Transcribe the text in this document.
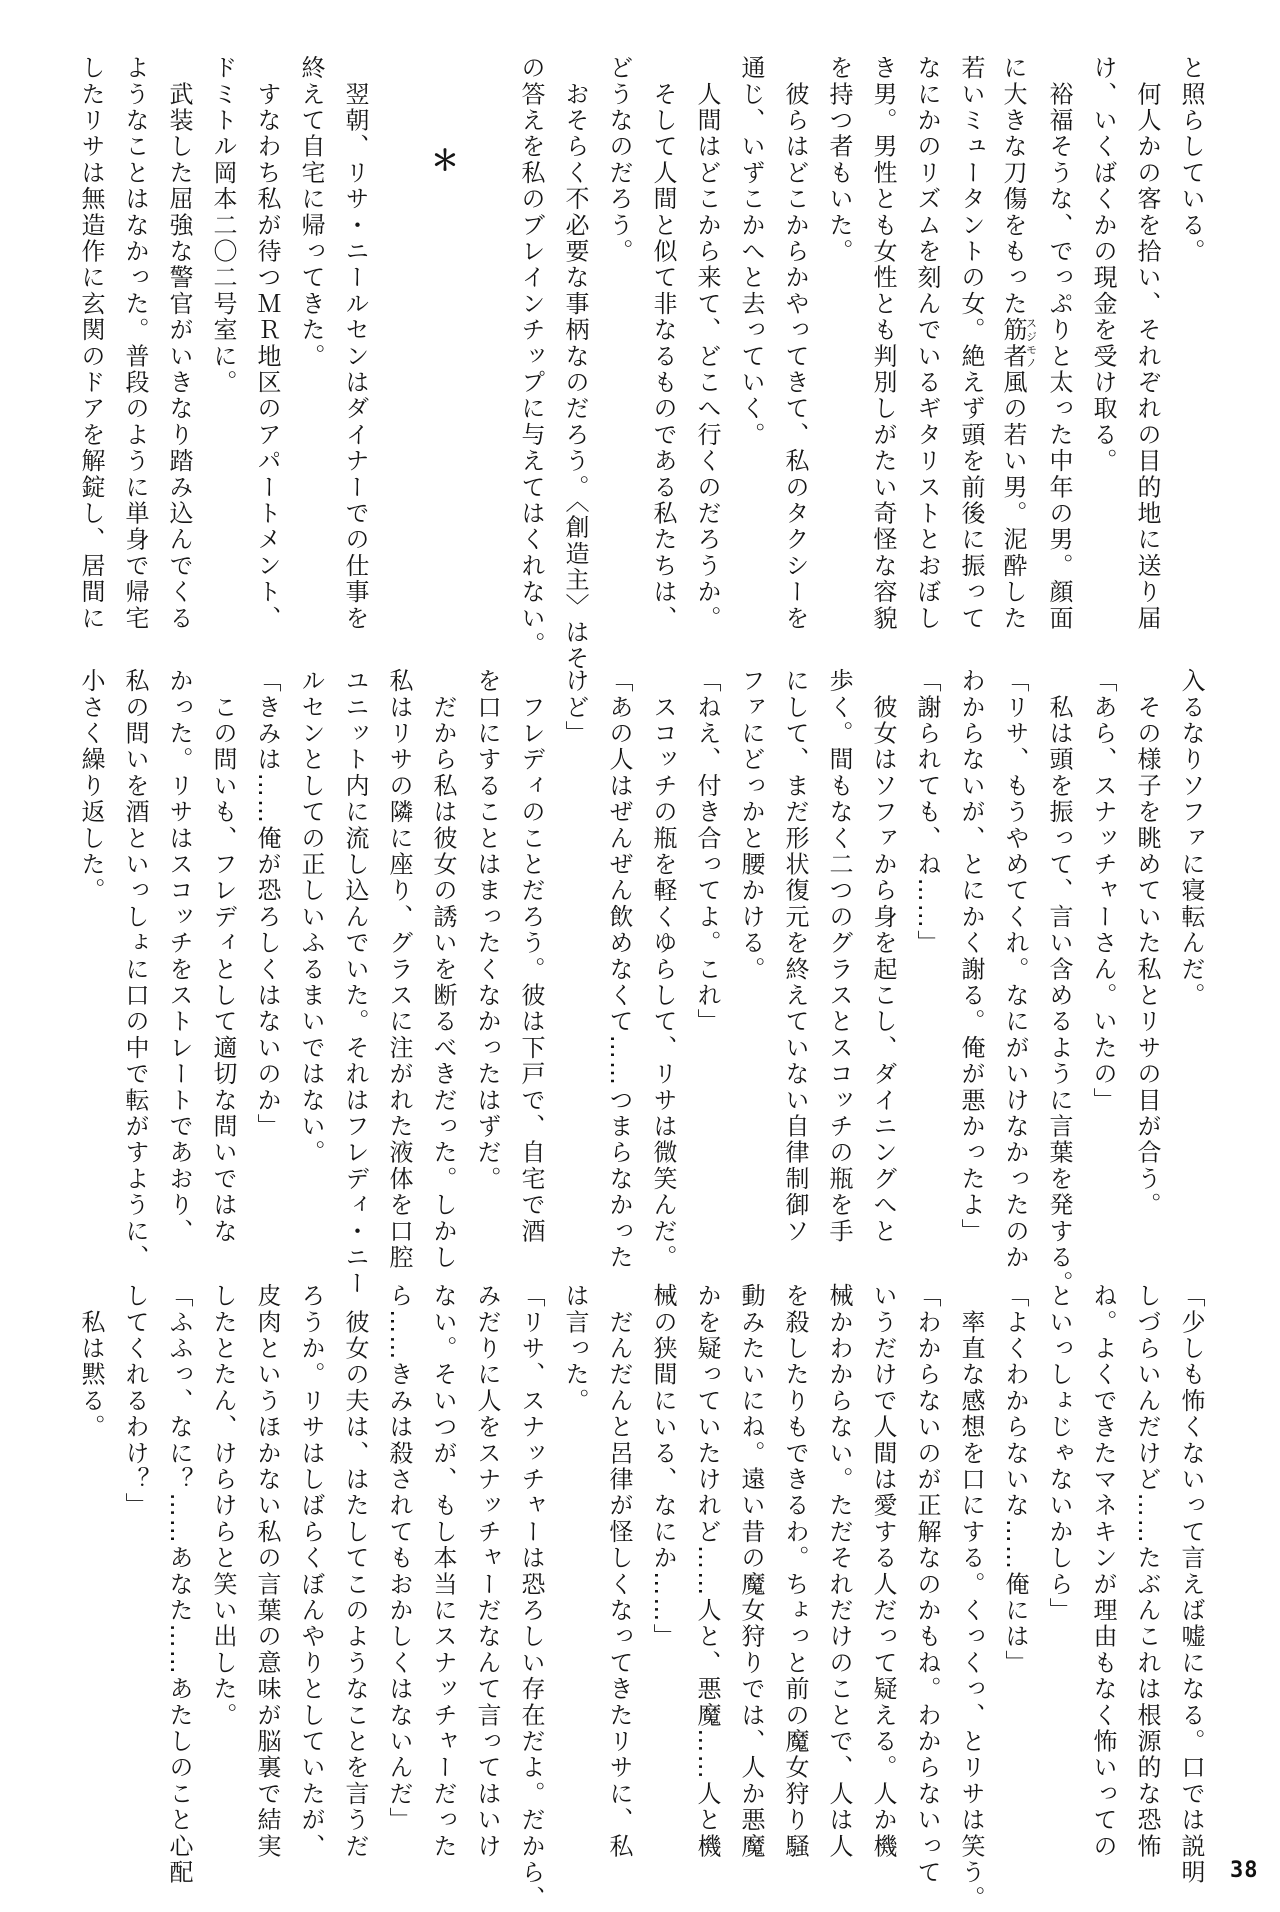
と照らしている。
　何人かの客を拾い、それぞれの目的地に送り届
け、いくばくかの現金を受け取る。
　裕福そうな、でっぷりと太った中年の男。顔面
に大きな刀傷をもった筋者スジモノ風の若い男。泥酔した
若いミュータントの女。絶えず頭を前後に振って
なにかのリズムを刻んでいるギタリストとおぼし
き男。男性とも女性とも判別しがたい奇怪な容貌
を持つ者もいた。
　彼らはどこからかやってきて、私のタクシーを
通じ、いずこかへと去っていく。
　人間はどこから来て、どこへ行くのだろうか。
　そして人間と似て非なるものである私たちは、
どうなのだろう。
　おそらく不必要な事柄なのだろう。〈創造主〉はそ
の答えを私のブレインチップに与えてはくれない。

　　　＊

　翌朝、リサ・ニールセンはダイナーでの仕事を
終えて自宅に帰ってきた。
　すなわち私が待つＭＲ地区のアパートメント、
ドミトル岡本二〇二号室に。
　武装した屈強な警官がいきなり踏み込んでくる
ようなことはなかった。普段のように単身で帰宅
したリサは無造作に玄関のドアを解錠し、居間に
入るなりソファに寝転んだ。
　その様子を眺めていた私とリサの目が合う。
「あら、スナッチャーさん。いたの」
　私は頭を振って、言い含めるように言葉を発する。
「リサ、もうやめてくれ。なにがいけなかったのか
わからないが、とにかく謝る。俺が悪かったよ」
「謝られても、ね……」
　彼女はソファから身を起こし、ダイニングへと
歩く。間もなく二つのグラスとスコッチの瓶を手
にして、まだ形状復元を終えていない自律制御ソ
ファにどっかと腰かける。
「ねえ、付き合ってよ。これ」
　スコッチの瓶を軽くゆらして、リサは微笑んだ。
「あの人はぜんぜん飲めなくて……つまらなかった
けど」
　フレディのことだろう。彼は下戸で、自宅で酒
を口にすることはまったくなかったはずだ。
　だから私は彼女の誘いを断るべきだった。しかし
私はリサの隣に座り、グラスに注がれた液体を口腔
ユニット内に流し込んでいた。それはフレディ・ニー
ルセンとしての正しいふるまいではない。
「きみは……俺が恐ろしくはないのか」
　この問いも、フレディとして適切な問いではな
かった。リサはスコッチをストレートであおり、
私の問いを酒といっしょに口の中で転がすように、
小さく繰り返した。
「少しも怖くないって言えば嘘になる。口では説明
しづらいんだけど……たぶんこれは根源的な恐怖
ね。よくできたマネキンが理由もなく怖いっての
といっしょじゃないかしら」
「よくわからないな……俺には」
　率直な感想を口にする。くっくっ、とリサは笑う。
「わからないのが正解なのかもね。わからないって
いうだけで人間は愛する人だって疑える。人か機
械かわからない。ただそれだけのことで、人は人
を殺したりもできるわ。ちょっと前の魔女狩り騒
動みたいにね。遠い昔の魔女狩りでは、人か悪魔
かを疑っていたけれど……人と、悪魔……人と機
械の狭間にいる、なにか……」
　だんだんと呂律が怪しくなってきたリサに、私
は言った。
「リサ、スナッチャーは恐ろしい存在だよ。だから、
みだりに人をスナッチャーだなんて言ってはいけ
ない。そいつが、もし本当にスナッチャーだった
ら……きみは殺されてもおかしくはないんだ」
　彼女の夫は、はたしてこのようなことを言うだ
ろうか。リサはしばらくぼんやりとしていたが、
皮肉というほかない私の言葉の意味が脳裏で結実
したとたん、けらけらと笑い出した。
「ふふっ、なに？……あなた……あたしのこと心配
してくれるわけ？」
　私は黙る。
38
